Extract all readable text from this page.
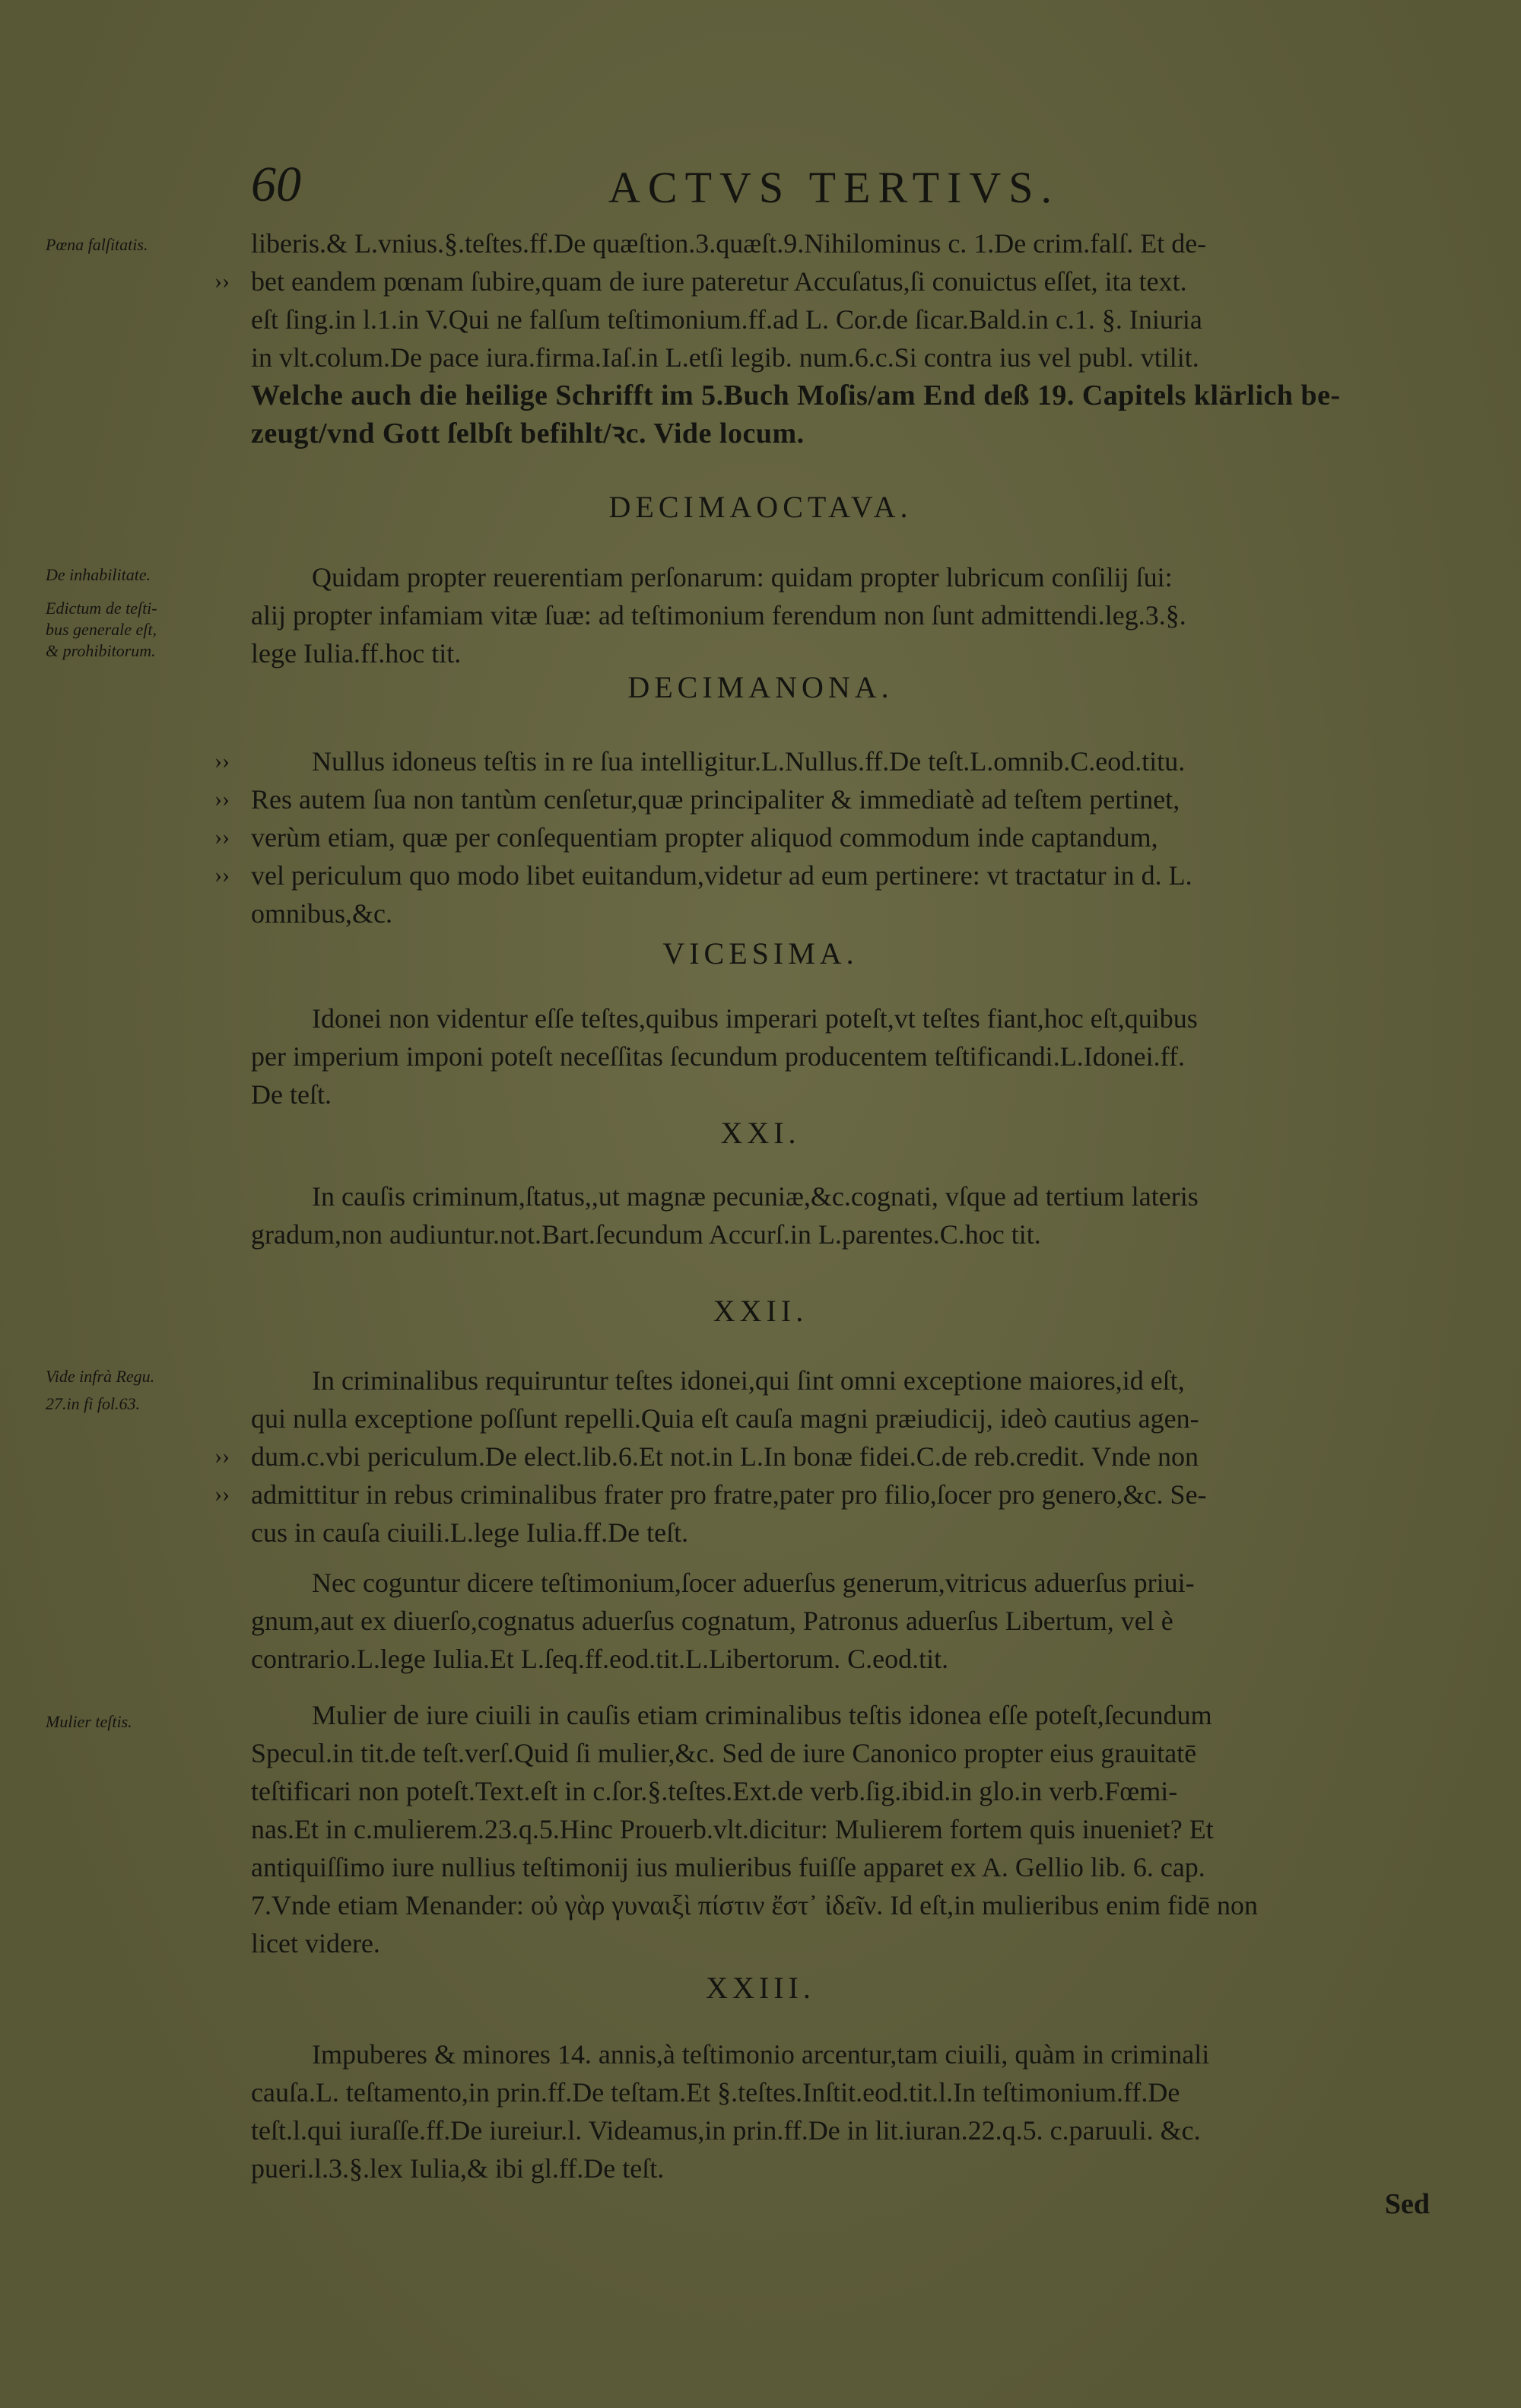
60	ACTVS TERTIVS.
Pœna falſitatis.
De inhabilitate.
Edictum de teſti-
bus generale eſt,
& prohibitorum.
Vide infrà Regu.
27.in fi fol.63.
Mulier teſtis.
liberis.& L.vnius.§.teſtes.ff.De quæſtion.3.quæſt.9.Nihilominus c. 1.De crim.falſ. Et de-
›› bet eandem pœnam ſubire,quam de iure pateretur Accuſatus,ſi conuictus eſſet, ita text.
eſt ſing.in l.1.in V.Qui ne falſum teſtimonium.ff.ad L. Cor.de ſicar.Bald.in c.1. §. Iniuria
in vlt.colum.De pace iura.firma.Iaſ.in L.etſi legib. num.6.c.Si contra ius vel publ. vtilit.
Welche auch die heilige Schrifft im 5.Buch Moſis/am End deß 19. Capitels klärlich be-
zeugt/vnd Gott ſelbſt befihlt/ꝛc. Vide locum.
DECIMAOCTAVA.
Quidam propter reuerentiam perſonarum: quidam propter lubricum conſilij ſui:
alij propter infamiam vitæ ſuæ: ad teſtimonium ferendum non ſunt admittendi.leg.3.§.
lege Iulia.ff.hoc tit.
DECIMANONA.
››	Nullus idoneus teſtis in re ſua intelligitur.L.Nullus.ff.De teſt.L.omnib.C.eod.titu.
›› Res autem ſua non tantùm cenſetur,quæ principaliter & immediatè ad teſtem pertinet,
›› verùm etiam, quæ per conſequentiam propter aliquod commodum inde captandum,
›› vel periculum quo modo libet euitandum,videtur ad eum pertinere: vt tractatur in d. L.
omnibus,&c.
VICESIMA.
Idonei non videntur eſſe teſtes,quibus imperari poteſt,vt teſtes fiant,hoc eſt,quibus
per imperium imponi poteſt neceſſitas ſecundum producentem teſtificandi.L.Idonei.ff.
De teſt.
XXI.
In cauſis criminum,ſtatus,,ut magnæ pecuniæ,&c.cognati, vſque ad tertium lateris
gradum,non audiuntur.not.Bart.ſecundum Accurſ.in L.parentes.C.hoc tit.
XXII.
In criminalibus requiruntur teſtes idonei,qui ſint omni exceptione maiores,id eſt,
qui nulla exceptione poſſunt repelli.Quia eſt cauſa magni præiudicij, ideò cautius agen-
›› dum.c.vbi periculum.De elect.lib.6.Et not.in L.In bonæ fidei.C.de reb.credit. Vnde non
›› admittitur in rebus criminalibus frater pro fratre,pater pro filio,ſocer pro genero,&c. Se-
cus in cauſa ciuili.L.lege Iulia.ff.De teſt.
Nec coguntur dicere teſtimonium,ſocer aduerſus generum,vitricus aduerſus priui-
gnum,aut ex diuerſo,cognatus aduerſus cognatum, Patronus aduerſus Libertum, vel è
contrario.L.lege Iulia.Et L.ſeq.ff.eod.tit.L.Libertorum. C.eod.tit.
Mulier de iure ciuili in cauſis etiam criminalibus teſtis idonea eſſe poteſt,ſecundum
Specul.in tit.de teſt.verſ.Quid ſi mulier,&c. Sed de iure Canonico propter eius grauitatē
teſtificari non poteſt.Text.eſt in c.ſor.§.teſtes.Ext.de verb.ſig.ibid.in glo.in verb.Fœmi-
nas.Et in c.mulierem.23.q.5.Hinc Prouerb.vlt.dicitur: Mulierem fortem quis inueniet? Et
antiquiſſimo iure nullius teſtimonij ius mulieribus fuiſſe apparet ex A. Gellio lib. 6. cap.
7.Vnde etiam Menander: οὐ γὰρ γυναιξὶ πίστιν ἔστ᾽ ἰδεῖν. Id eſt,in mulieribus enim fidē non
licet videre.
XXIII.
Impuberes & minores 14. annis,à teſtimonio arcentur,tam ciuili, quàm in criminali
cauſa.L. teſtamento,in prin.ff.De teſtam.Et §.teſtes.Inſtit.eod.tit.l.In teſtimonium.ff.De
teſt.l.qui iuraſſe.ff.De iureiur.l. Videamus,in prin.ff.De in lit.iuran.22.q.5. c.paruuli. &c.
pueri.l.3.§.lex Iulia,& ibi gl.ff.De teſt.
Sed
